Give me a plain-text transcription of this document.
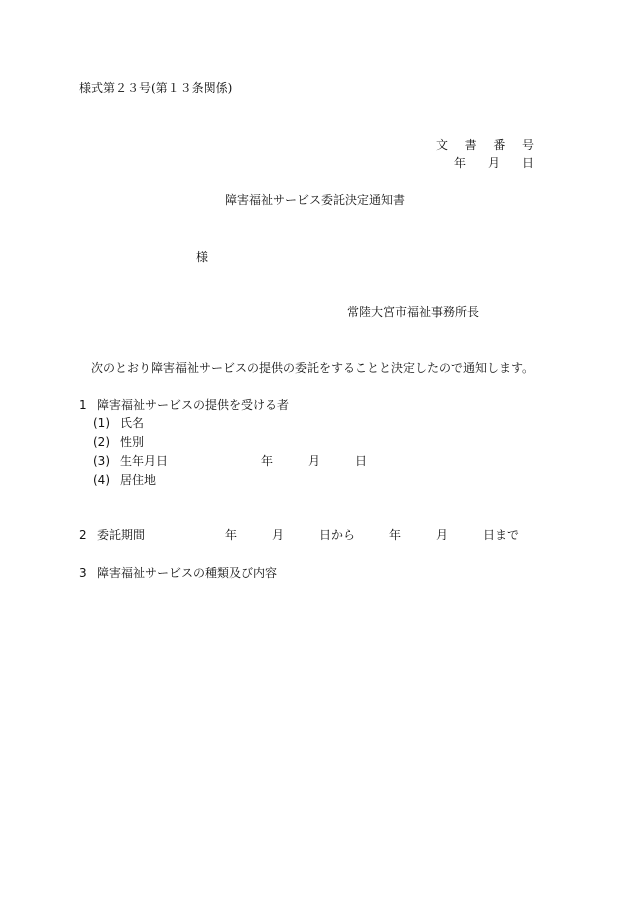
様式第２３号(第１３条関係)
文 書 番 号
年 月 日
障害福祉サービス委託決定通知書
様
常陸大宮市福祉事務所長
次のとおり障害福祉サービスの提供の委託をすることと決定したので通知します。
1 障害福祉サービスの提供を受ける者
(1) 氏名
(2) 性別
(3) 生年月日	年	月	日
(4) 居住地
2 委託期間	年	月	日から	年	月	日まで
3 障害福祉サービスの種類及び内容
